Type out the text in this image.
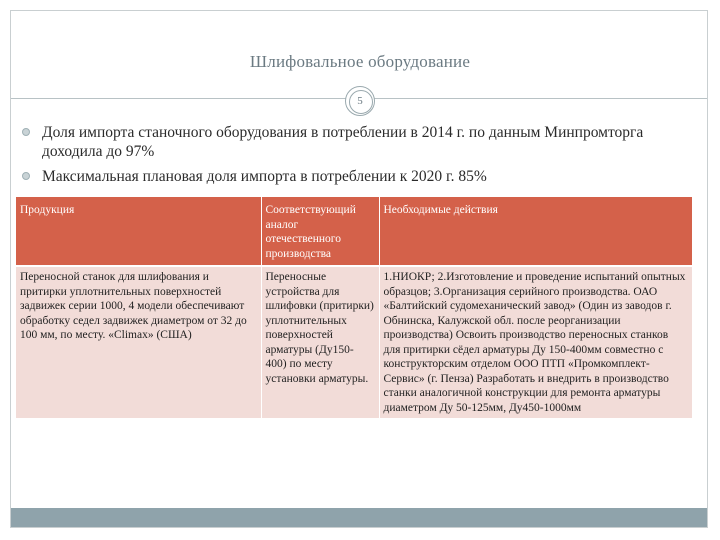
Шлифовальное оборудование
5
Доля импорта станочного оборудования в потреблении в 2014 г. по данным Минпромторга доходила до 97%
Максимальная плановая доля импорта в потреблении к 2020 г. 85%
Продукция	Соответствующий аналог отечественного производства	Необходимые действия
Переносной станок для шлифования и притирки уплотнительных поверхностей задвижек серии 1000, 4 модели обеспечивают обработку седел задвижек диаметром от 32 до 100 мм, по месту. «Climax» (США)	Переносные устройства для шлифовки (притирки) уплотнительных поверхностей арматуры (Ду150-400) по месту установки арматуры.	1.НИОКР; 2.Изготовление и проведение испытаний опытных образцов; 3.Организация серийного производства. ОАО «Балтийский судомеханический завод» (Один из заводов г. Обнинска, Калужской обл. после реорганизации производства) Освоить производство переносных станков для притирки сёдел арматуры Ду 150-400мм совместно с конструкторским отделом ООО ПТП «Промкомплект-Сервис» (г. Пенза) Разработать и внедрить в производство станки аналогичной конструкции для ремонта арматуры диаметром Ду 50-125мм, Ду450-1000мм
